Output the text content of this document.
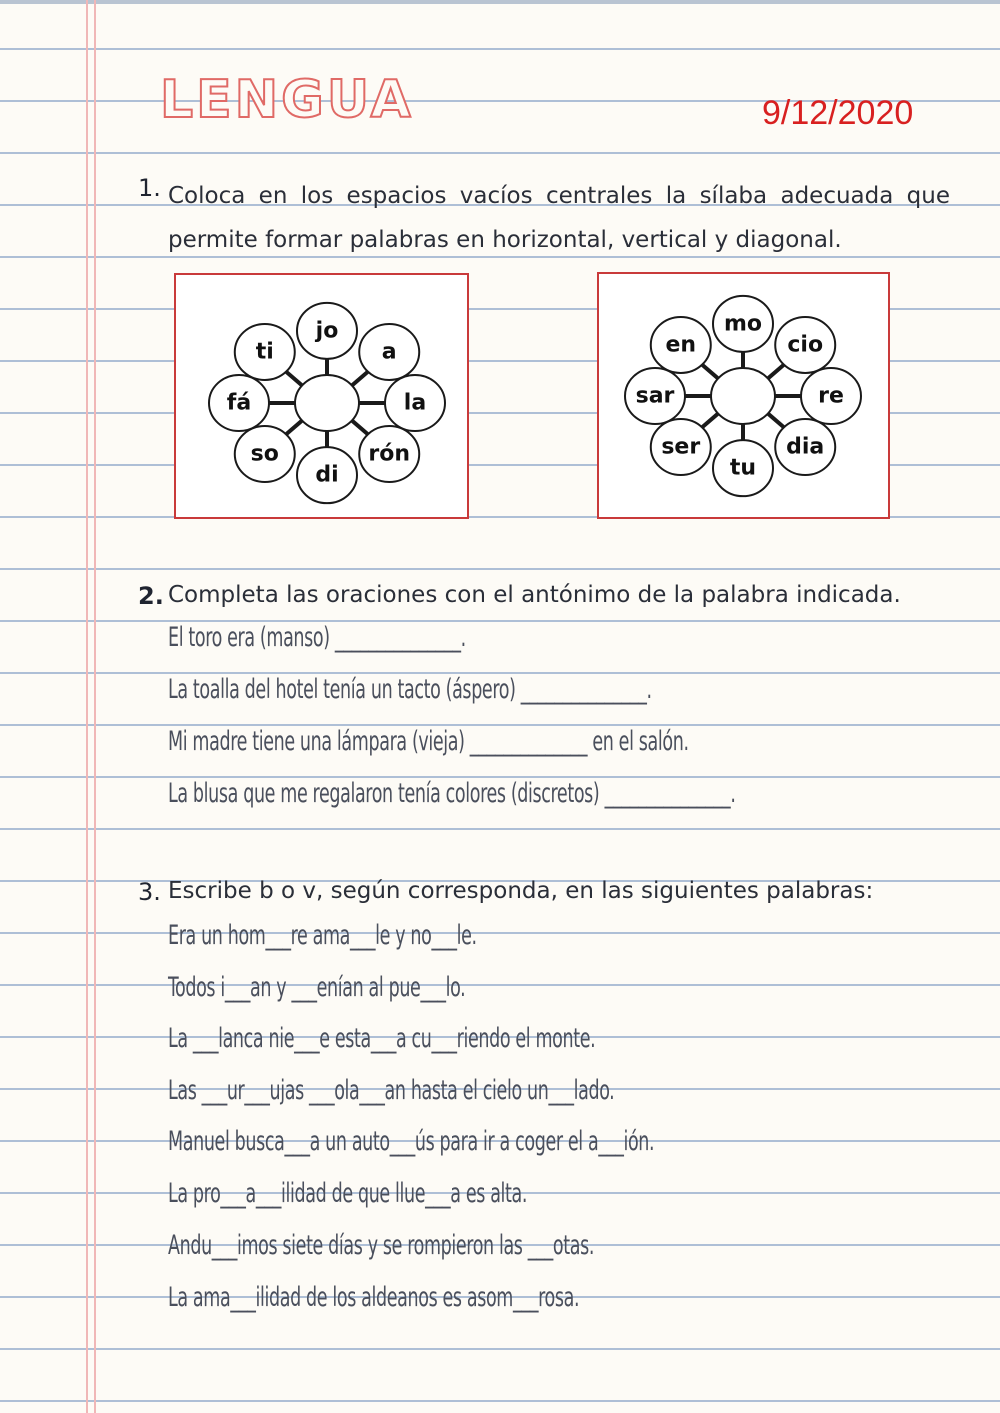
LENGUA	9/12/2020
1. Coloca en los espacios vacíos centrales la sílaba adecuada que permite formar palabras en horizontal, vertical y diagonal.
jo
a
la
rón
di
so
fá
ti
mo
cio
re
dia
tu
ser
sar
en
2. Completa las oraciones con el antónimo de la palabra indicada.
El toro era (manso) _______________.
La toalla del hotel tenía un tacto (áspero) _______________.
Mi madre tiene una lámpara (vieja) ______________ en el salón.
La blusa que me regalaron tenía colores (discretos) _______________.
3. Escribe b o v, según corresponda, en las siguientes palabras:
Era un hom___re ama___le y no___le.
Todos i___an y ___enían al pue___lo.
La ___lanca nie___e esta___a cu___riendo el monte.
Las ___ur___ujas ___ola___an hasta el cielo un___lado.
Manuel busca___a un auto___ús para ir a coger el a___ión.
La pro___a___ilidad de que llue___a es alta.
Andu___imos siete días y se rompieron las ___otas.
La ama___ilidad de los aldeanos es asom___rosa.
